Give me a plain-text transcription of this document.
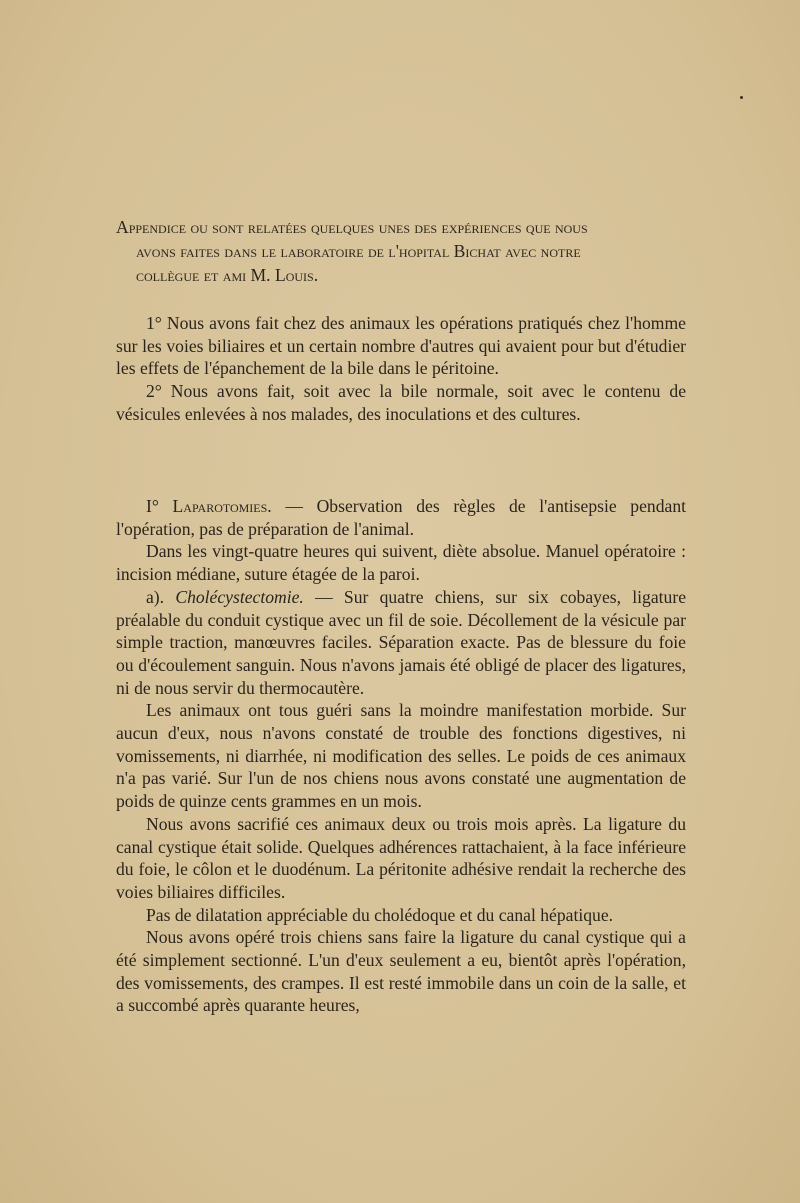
Appendice ou sont relatées quelques unes des expériences que nous

avons faites dans le laboratoire de l'hopital Bichat avec notre

collègue et ami M. Louis.

1° Nous avons fait chez des animaux les opérations pratiqués chez l'homme sur les voies biliaires et un certain nombre d'autres qui avaient pour but d'étudier les effets de l'épanchement de la bile dans le péritoine.

2° Nous avons fait, soit avec la bile normale, soit avec le contenu de vésicules enlevées à nos malades, des inoculations et des cultures.

I° Laparotomies. — Observation des règles de l'antisepsie pendant l'opération, pas de préparation de l'animal.

Dans les vingt-quatre heures qui suivent, diète absolue. Manuel opératoire : incision médiane, suture étagée de la paroi.

a). Cholécystectomie. — Sur quatre chiens, sur six cobayes, ligature préalable du conduit cystique avec un fil de soie. Décollement de la vésicule par simple traction, manœuvres faciles. Séparation exacte. Pas de blessure du foie ou d'écoulement sanguin. Nous n'avons jamais été obligé de placer des ligatures, ni de nous servir du thermocautère.

Les animaux ont tous guéri sans la moindre manifestation morbide. Sur aucun d'eux, nous n'avons constaté de trouble des fonctions digestives, ni vomissements, ni diarrhée, ni modification des selles. Le poids de ces animaux n'a pas varié. Sur l'un de nos chiens nous avons constaté une augmentation de poids de quinze cents grammes en un mois.

Nous avons sacrifié ces animaux deux ou trois mois après. La ligature du canal cystique était solide. Quelques adhérences rattachaient, à la face inférieure du foie, le côlon et le duodénum. La péritonite adhésive rendait la recherche des voies biliaires difficiles.

Pas de dilatation appréciable du cholédoque et du canal hépatique.

Nous avons opéré trois chiens sans faire la ligature du canal cystique qui a été simplement sectionné. L'un d'eux seulement a eu, bientôt après l'opération, des vomissements, des crampes. Il est resté immobile dans un coin de la salle, et a succombé après quarante heures,
